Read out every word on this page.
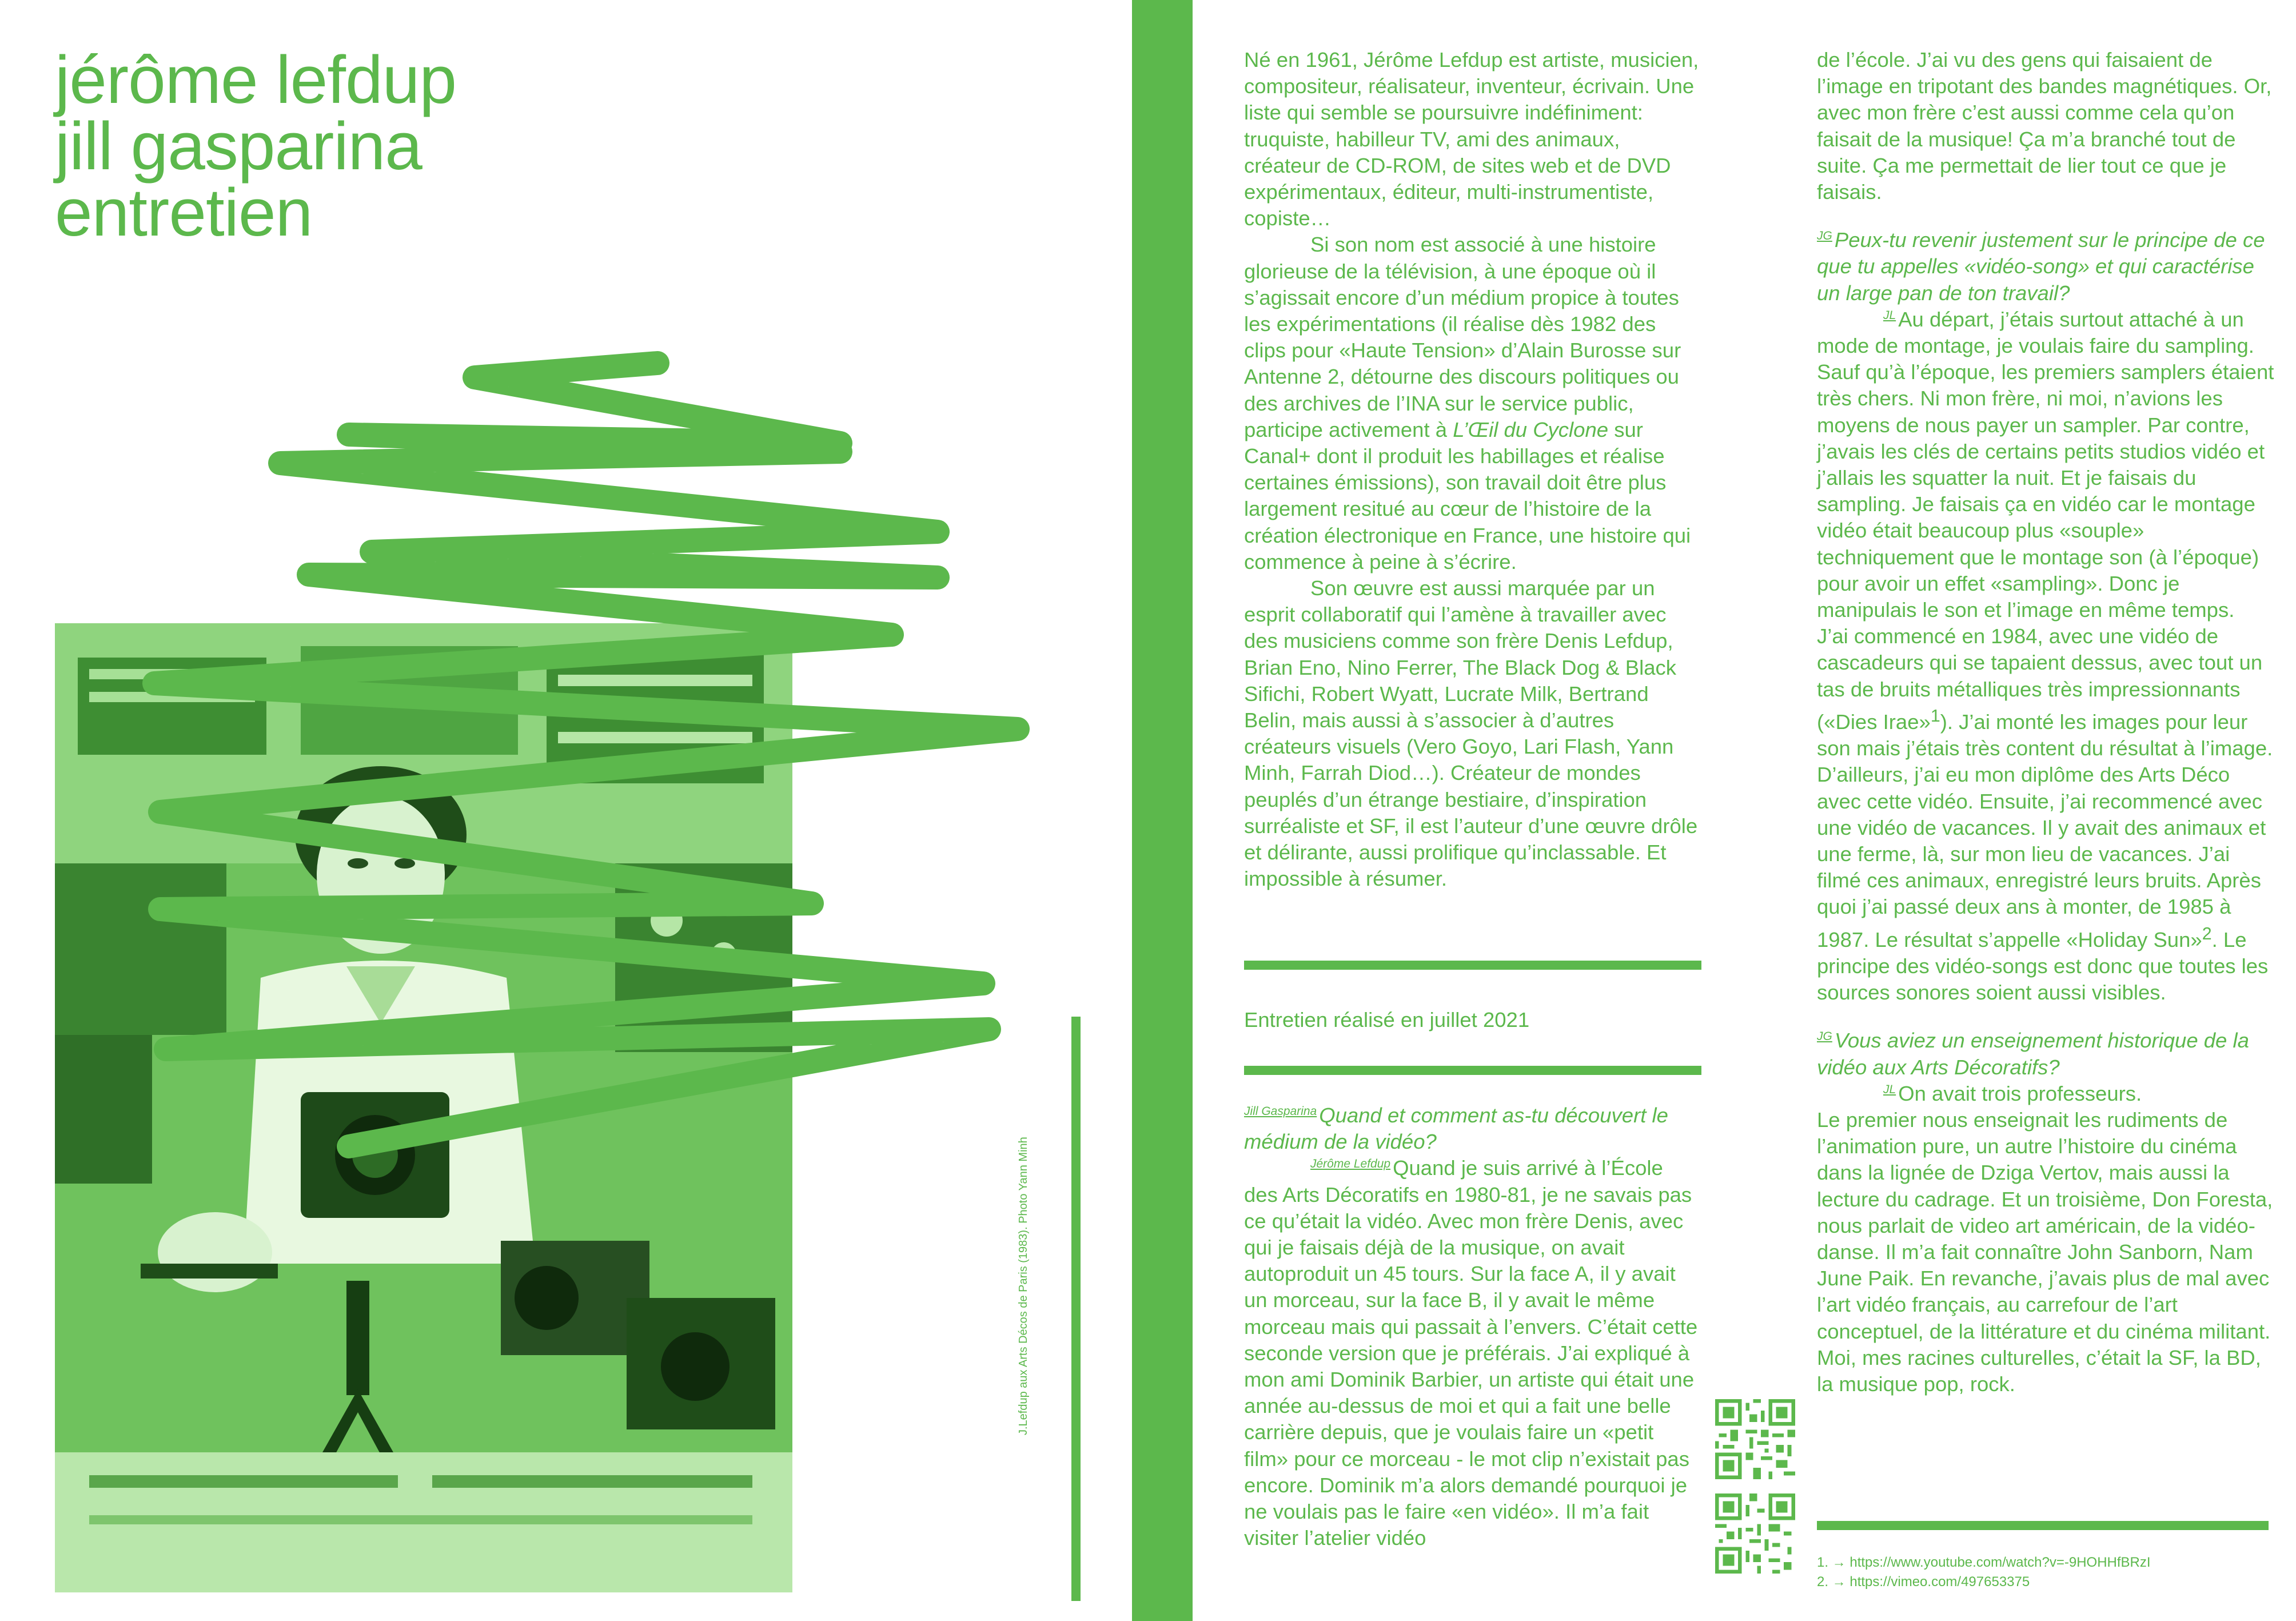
jérôme lefdup
jill gasparina
entretien
J.Lefdup aux Arts Décos de Paris (1983). Photo Yann Minh

Né en 1961, Jérôme Lefdup est artiste, musicien, compositeur, réalisateur, inventeur, écrivain. Une liste qui semble se poursuivre indéfiniment: truquiste, habilleur TV, ami des animaux, créateur de CD-ROM, de sites web et de DVD expérimentaux, éditeur, multi-instrumentiste, copiste…

Si son nom est associé à une histoire glorieuse de la télévision, à une époque où il s’agissait encore d’un médium propice à toutes les expérimentations (il réalise dès 1982 des clips pour «Haute Tension» d’Alain Burosse sur Antenne 2, détourne des discours politiques ou des archives de l’INA sur le service public, participe activement à L’Œil du Cyclone sur Canal+ dont il produit les habillages et réalise certaines émissions), son travail doit être plus largement resitué au cœur de l’histoire de la création électronique en France, une histoire qui commence à peine à s’écrire.

Son œuvre est aussi marquée par un esprit collaboratif qui l’amène à travailler avec des musiciens comme son frère Denis Lefdup, Brian Eno, Nino Ferrer, The Black Dog & Black Sifichi, Robert Wyatt, Lucrate Milk, Bertrand Belin, mais aussi à s’associer à d’autres créateurs visuels (Vero Goyo, Lari Flash, Yann Minh, Farrah Diod…). Créateur de mondes peuplés d’un étrange bestiaire, d’inspiration surréaliste et SF, il est l’auteur d’une œuvre drôle et délirante, aussi prolifique qu’inclassable. Et impossible à résumer.

Entretien réalisé en juillet 2021

$^{Jill Gasparina}$ Quand et comment as-tu découvert le médium de la vidéo?

$^{Jérôme Lefdup}$ Quand je suis arrivé à l’École des Arts Décoratifs en 1980-81, je ne savais pas ce qu’était la vidéo. Avec mon frère Denis, avec qui je faisais déjà de la musique, on avait autoproduit un 45 tours. Sur la face A, il y avait un morceau, sur la face B, il y avait le même morceau mais qui passait à l’envers. C’était cette seconde version que je préférais. J’ai expliqué à mon ami Dominik Barbier, un artiste qui était une année au-dessus de moi et qui a fait une belle carrière depuis, que je voulais faire un «petit film» pour ce morceau - le mot clip n’existait pas encore. Dominik m’a alors demandé pourquoi je ne voulais pas le faire «en vidéo». Il m’a fait visiter l’atelier vidéo

de l’école. J’ai vu des gens qui faisaient de l’image en tripotant des bandes magnétiques. Or, avec mon frère c’est aussi comme cela qu’on faisait de la musique! Ça m’a branché tout de suite. Ça me permettait de lier tout ce que je faisais.

$^{JG}$ Peux-tu revenir justement sur le principe de ce que tu appelles «vidéo-song» et qui caractérise un large pan de ton travail?

$^{JL}$ Au départ, j’étais surtout attaché à un mode de montage, je voulais faire du sampling. Sauf qu’à l’époque, les premiers samplers étaient très chers. Ni mon frère, ni moi, n’avions les moyens de nous payer un sampler. Par contre, j’avais les clés de certains petits studios vidéo et j’allais les squatter la nuit. Et je faisais du sampling. Je faisais ça en vidéo car le montage vidéo était beaucoup plus «souple» techniquement que le montage son (à l’époque) pour avoir un effet «sampling». Donc je manipulais le son et l’image en même temps.

J’ai commencé en 1984, avec une vidéo de cascadeurs qui se tapaient dessus, avec tout un tas de bruits métalliques très impressionnants («Dies Irae»$^1$). J’ai monté les images pour leur son mais j’étais très content du résultat à l’image. D’ailleurs, j’ai eu mon diplôme des Arts Déco avec cette vidéo. Ensuite, j’ai recommencé avec une vidéo de vacances. Il y avait des animaux et une ferme, là, sur mon lieu de vacances. J’ai filmé ces animaux, enregistré leurs bruits. Après quoi j’ai passé deux ans à monter, de 1985 à 1987. Le résultat s’appelle «Holiday Sun»$^2$. Le principe des vidéo-songs est donc que toutes les sources sonores soient aussi visibles.

$^{JG}$ Vous aviez un enseignement historique de la vidéo aux Arts Décoratifs?

$^{JL}$ On avait trois professeurs.

Le premier nous enseignait les rudiments de l’animation pure, un autre l’histoire du cinéma dans la lignée de Dziga Vertov, mais aussi la lecture du cadrage. Et un troisième, Don Foresta, nous parlait de video art américain, de la vidéo-danse. Il m’a fait connaître John Sanborn, Nam June Paik. En revanche, j’avais plus de mal avec l’art vidéo français, au carrefour de l’art conceptuel, de la littérature et du cinéma militant. Moi, mes racines culturelles, c’était la SF, la BD, la musique pop, rock.

1. → https://www.youtube.com/watch?v=-9HOHHfBRzI

2. → https://vimeo.com/497653375
